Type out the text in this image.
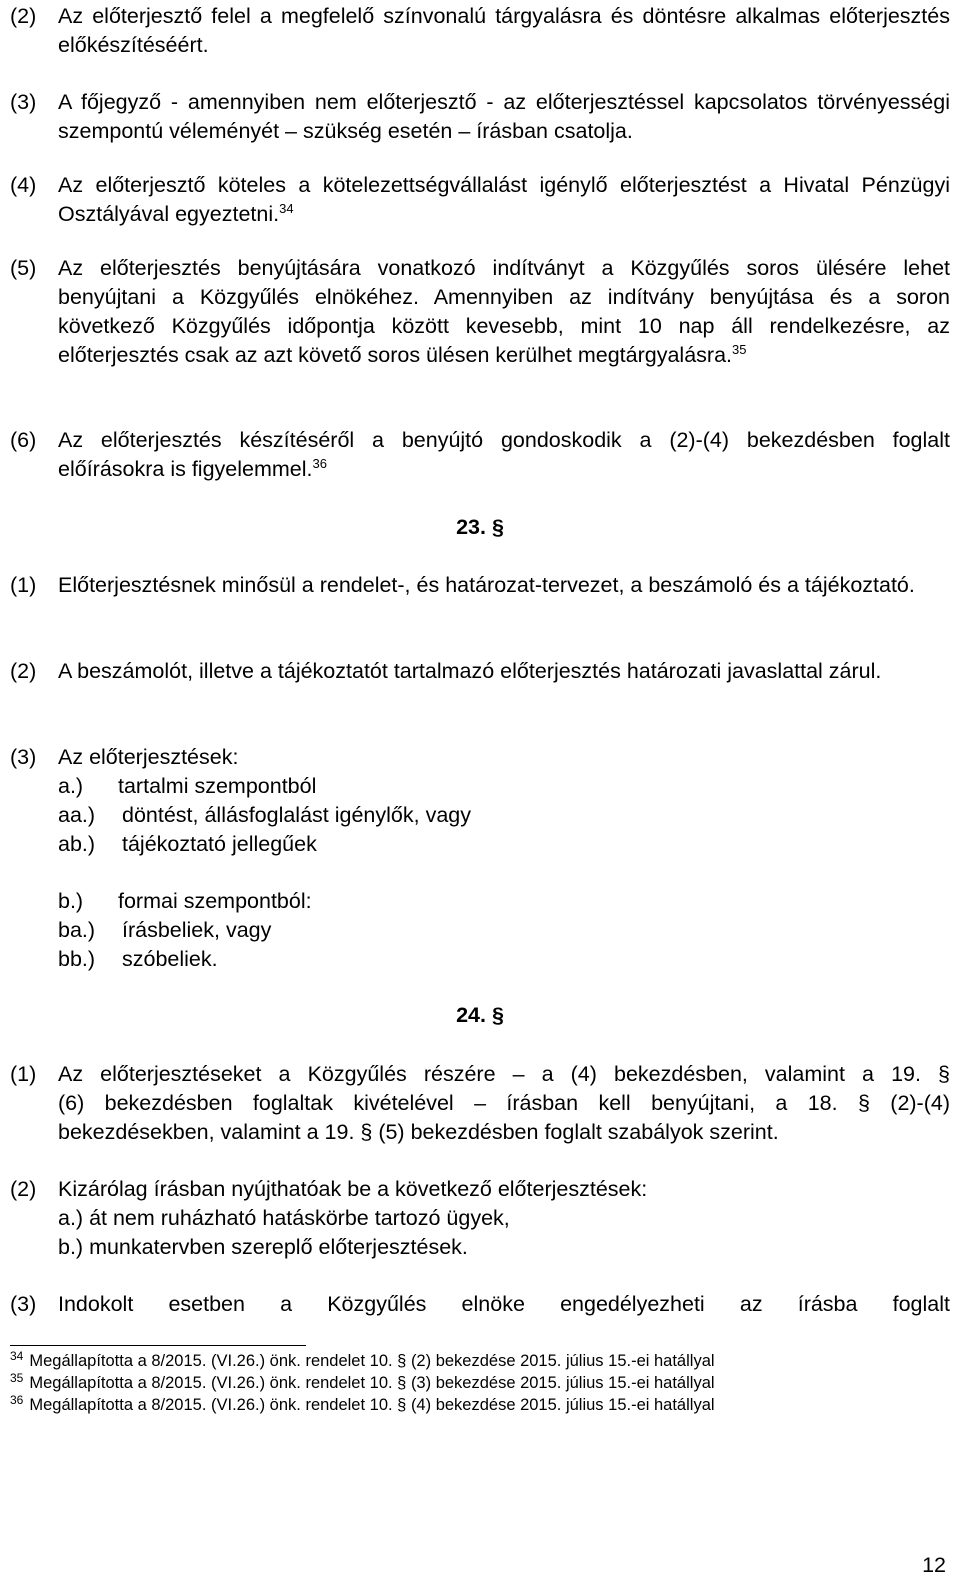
(2) Az előterjesztő felel a megfelelő színvonalú tárgyalásra és döntésre alkalmas előterjesztés előkészítéséért.
(3) A főjegyző - amennyiben nem előterjesztő - az előterjesztéssel kapcsolatos törvényességi szempontú véleményét – szükség esetén – írásban csatolja.
(4) Az előterjesztő köteles a kötelezettségvállalást igénylő előterjesztést a Hivatal Pénzügyi Osztályával egyeztetni.$^{34}$
(5) Az előterjesztés benyújtására vonatkozó indítványt a Közgyűlés soros ülésére lehet benyújtani a Közgyűlés elnökéhez. Amennyiben az indítvány benyújtása és a soron következő Közgyűlés időpontja között kevesebb, mint 10 nap áll rendelkezésre, az előterjesztés csak az azt követő soros ülésen kerülhet megtárgyalásra.$^{35}$
(6) Az előterjesztés készítéséről a benyújtó gondoskodik a (2)-(4) bekezdésben foglalt előírásokra is figyelemmel.$^{36}$
23. §
(1) Előterjesztésnek minősül a rendelet-, és határozat-tervezet, a beszámoló és a tájékoztató.
(2) A beszámolót, illetve a tájékoztatót tartalmazó előterjesztés határozati javaslattal zárul.
(3) Az előterjesztések:
a.)	tartalmi szempontból
aa.)	döntést, állásfoglalást igénylők, vagy
ab.)	tájékoztató jellegűek
b.)	formai szempontból:
ba.)	írásbeliek, vagy
bb.)	szóbeliek.
24. §
(1) Az előterjesztéseket a Közgyűlés részére – a (4) bekezdésben, valamint a 19. §
(6) bekezdésben foglaltak kivételével – írásban kell benyújtani, a 18. § (2)-(4)
bekezdésekben, valamint a 19. § (5) bekezdésben foglalt szabályok szerint.
(2) Kizárólag írásban nyújthatóak be a következő előterjesztések:
a.) át nem ruházható hatáskörbe tartozó ügyek,
b.) munkatervben szereplő előterjesztések.
(3) Indokolt esetben a Közgyűlés elnöke engedélyezheti az írásba foglalt
$^{34}$ Megállapította a 8/2015. (VI.26.) önk. rendelet 10. § (2) bekezdése 2015. július 15.-ei hatállyal
$^{35}$ Megállapította a 8/2015. (VI.26.) önk. rendelet 10. § (3) bekezdése 2015. július 15.-ei hatállyal
$^{36}$ Megállapította a 8/2015. (VI.26.) önk. rendelet 10. § (4) bekezdése 2015. július 15.-ei hatállyal
12
